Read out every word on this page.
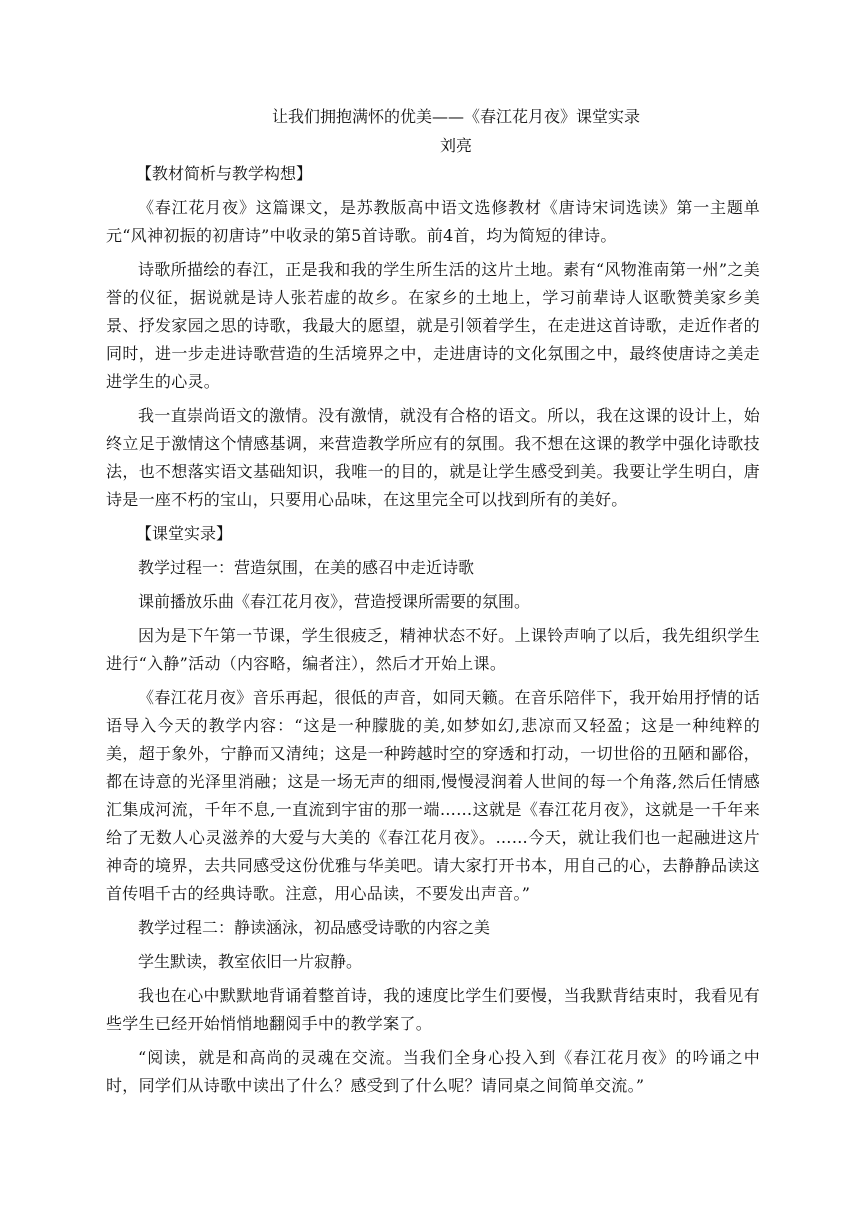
让我们拥抱满怀的优美——《春江花月夜》课堂实录

刘亮

【教材简析与教学构想】

《春江花月夜》这篇课文，是苏教版高中语文选修教材《唐诗宋词选读》第一主题单元“风神初振的初唐诗”中收录的第5首诗歌。前4首，均为简短的律诗。

诗歌所描绘的春江，正是我和我的学生所生活的这片土地。素有“风物淮南第一州”之美誉的仪征，据说就是诗人张若虚的故乡。在家乡的土地上，学习前辈诗人讴歌赞美家乡美景、抒发家园之思的诗歌，我最大的愿望，就是引领着学生，在走进这首诗歌，走近作者的同时，进一步走进诗歌营造的生活境界之中，走进唐诗的文化氛围之中，最终使唐诗之美走进学生的心灵。

我一直崇尚语文的激情。没有激情，就没有合格的语文。所以，我在这课的设计上，始终立足于激情这个情感基调，来营造教学所应有的氛围。我不想在这课的教学中强化诗歌技法，也不想落实语文基础知识，我唯一的目的，就是让学生感受到美。我要让学生明白，唐诗是一座不朽的宝山，只要用心品味，在这里完全可以找到所有的美好。

【课堂实录】

教学过程一：营造氛围，在美的感召中走近诗歌

课前播放乐曲《春江花月夜》，营造授课所需要的氛围。

因为是下午第一节课，学生很疲乏，精神状态不好。上课铃声响了以后，我先组织学生进行“入静”活动（内容略，编者注），然后才开始上课。

《春江花月夜》音乐再起，很低的声音，如同天籁。在音乐陪伴下，我开始用抒情的话语导入今天的教学内容：“这是一种朦胧的美,如梦如幻,悲凉而又轻盈；这是一种纯粹的美，超于象外，宁静而又清纯；这是一种跨越时空的穿透和打动，一切世俗的丑陋和鄙俗，都在诗意的光泽里消融；这是一场无声的细雨,慢慢浸润着人世间的每一个角落,然后任情感汇集成河流，千年不息,一直流到宇宙的那一端……这就是《春江花月夜》，这就是一千年来给了无数人心灵滋养的大爱与大美的《春江花月夜》。……今天，就让我们也一起融进这片神奇的境界，去共同感受这份优雅与华美吧。请大家打开书本，用自己的心，去静静品读这首传唱千古的经典诗歌。注意，用心品读，不要发出声音。”

教学过程二：静读涵泳，初品感受诗歌的内容之美

学生默读，教室依旧一片寂静。

我也在心中默默地背诵着整首诗，我的速度比学生们要慢，当我默背结束时，我看见有些学生已经开始悄悄地翻阅手中的教学案了。

“阅读，就是和高尚的灵魂在交流。当我们全身心投入到《春江花月夜》的吟诵之中时，同学们从诗歌中读出了什么？感受到了什么呢？请同桌之间简单交流。”
